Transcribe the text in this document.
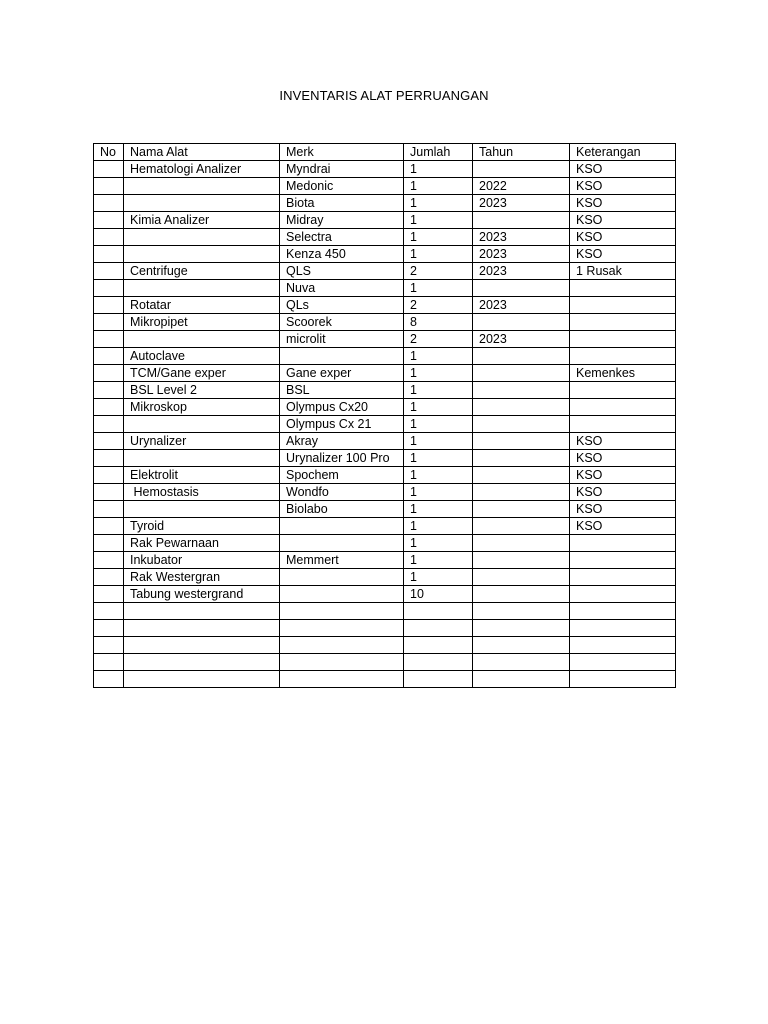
INVENTARIS ALAT PERRUANGAN
No	Nama Alat	Merk	Jumlah	Tahun	Keterangan
	Hematologi Analizer	Myndrai	1		KSO
		Medonic	1	2022	KSO
		Biota	1	2023	KSO
	Kimia Analizer	Midray	1		KSO
		Selectra	1	2023	KSO
		Kenza 450	1	2023	KSO
	Centrifuge	QLS	2	2023	1 Rusak
		Nuva	1		
	Rotatar	QLs	2	2023	
	Mikropipet	Scoorek	8		
		microlit	2	2023	
	Autoclave		1		
	TCM/Gane exper	Gane exper	1		Kemenkes
	BSL Level 2	BSL	1		
	Mikroskop	Olympus Cx20	1		
		Olympus Cx 21	1		
	Urynalizer	Akray	1		KSO
		Urynalizer 100 Pro	1		KSO
	Elektrolit	Spochem	1		KSO
	Hemostasis	Wondfo	1		KSO
		Biolabo	1		KSO
	Tyroid		1		KSO
	Rak Pewarnaan		1		
	Inkubator	Memmert	1		
	Rak Westergran		1		
	Tabung westergrand		10		
